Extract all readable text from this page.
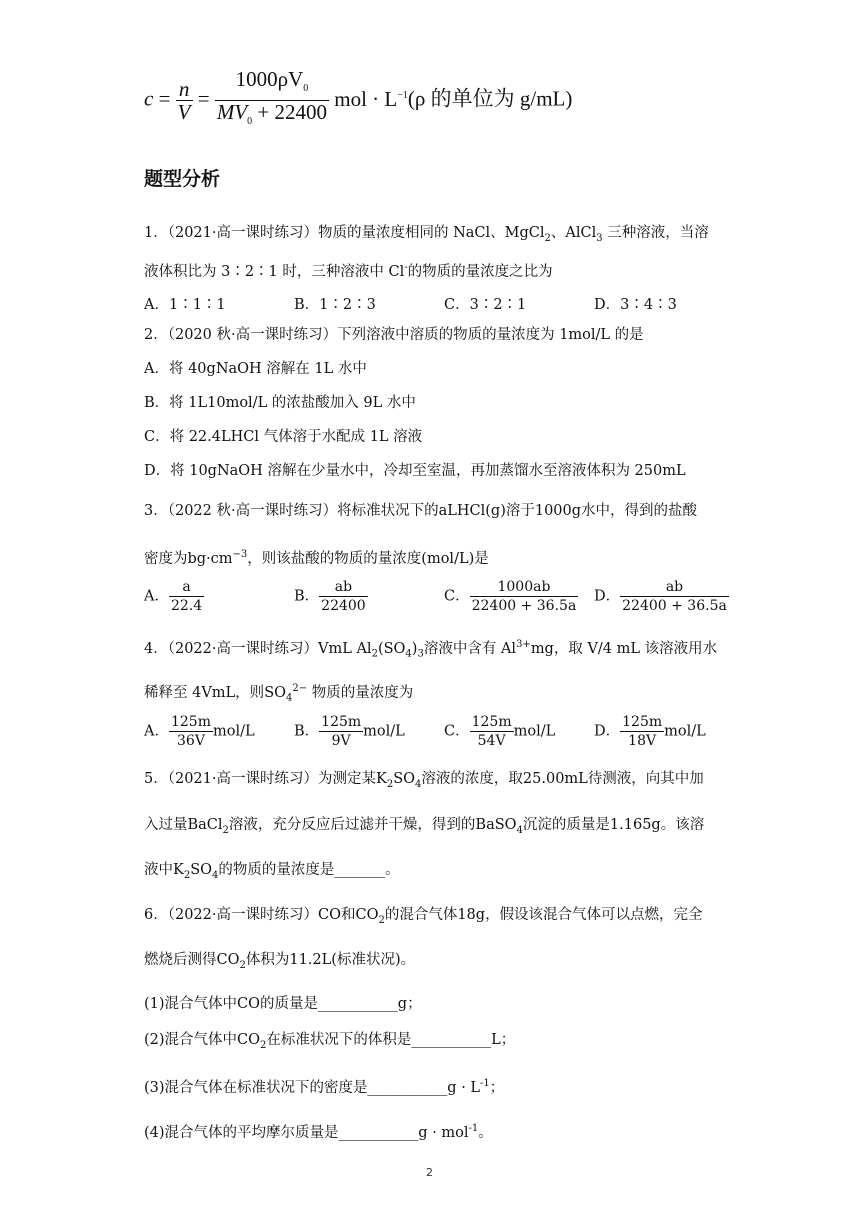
$c = \frac{n}{V} = \frac{1000\rho V_0}{MV_0 + 22400}$ mol · $L^{-1}(\rho$ 的单位为 g/mL)
题型分析
1．（2021·高一课时练习）物质的量浓度相同的 NaCl、MgCl$_2$、AlCl$_3$ 三种溶液，当溶
液体积比为 3∶2∶1 时，三种溶液中 Cl-的物质的量浓度之比为
A．1∶1∶1	B．1∶2∶3	C．3∶2∶1	D．3∶4∶3
2．（2020 秋·高一课时练习）下列溶液中溶质的物质的量浓度为 1mol/L 的是
A．将 40gNaOH 溶解在 1L 水中
B．将 1L10mol/L 的浓盐酸加入 9L 水中
C．将 22.4LHCl 气体溶于水配成 1L 溶液
D．将 10gNaOH 溶解在少量水中，冷却至室温，再加蒸馏水至溶液体积为 250mL
3．（2022 秋·高一课时练习）将标准状况下的aLHCl(g)溶于1000g水中，得到的盐酸
密度为$bg\cdot cm^{-3}$，则该盐酸的物质的量浓度(mol/L)是
A． $\frac{a}{22.4}$	B． $\frac{ab}{22400}$	C． $\frac{1000ab}{22400 + 36.5a}$ D． $\frac{ab}{22400 + 36.5a}$
4．（2022·高一课时练习）VmL $Al_2(SO_4)_3$溶液中含有 $Al^{3+}mg$，取 V/4 mL 该溶液用水
稀释至 4VmL，则$SO_4^{2-}$ 物质的量浓度为
A． $\frac{125m}{36V} mol/L$	B． $\frac{125m}{9V} mol/L$	C． $\frac{125m}{54V} mol/L$	D． $\frac{125m}{18V} mol/L$
5．（2021·高一课时练习）为测定某$K_2SO_4$溶液的浓度，取25.00mL待测液，向其中加
入过量BaCl$_2$溶液，充分反应后过滤并干燥，得到的BaSO$_4$沉淀的质量是1.165g。该溶
液中$K_2SO_4$的物质的量浓度是_______。
6．（2022·高一课时练习）CO和$CO_2$的混合气体18g，假设该混合气体可以点燃，完全
燃烧后测得$CO_2$体积为11.2L(标准状况)。
(1)混合气体中CO的质量是___________g；
(2)混合气体中$CO_2$在标准状况下的体积是___________L；
(3)混合气体在标准状况下的密度是___________g · $L^{-1}$；
(4)混合气体的平均摩尔质量是___________g · mol$^{-1}$。
2
